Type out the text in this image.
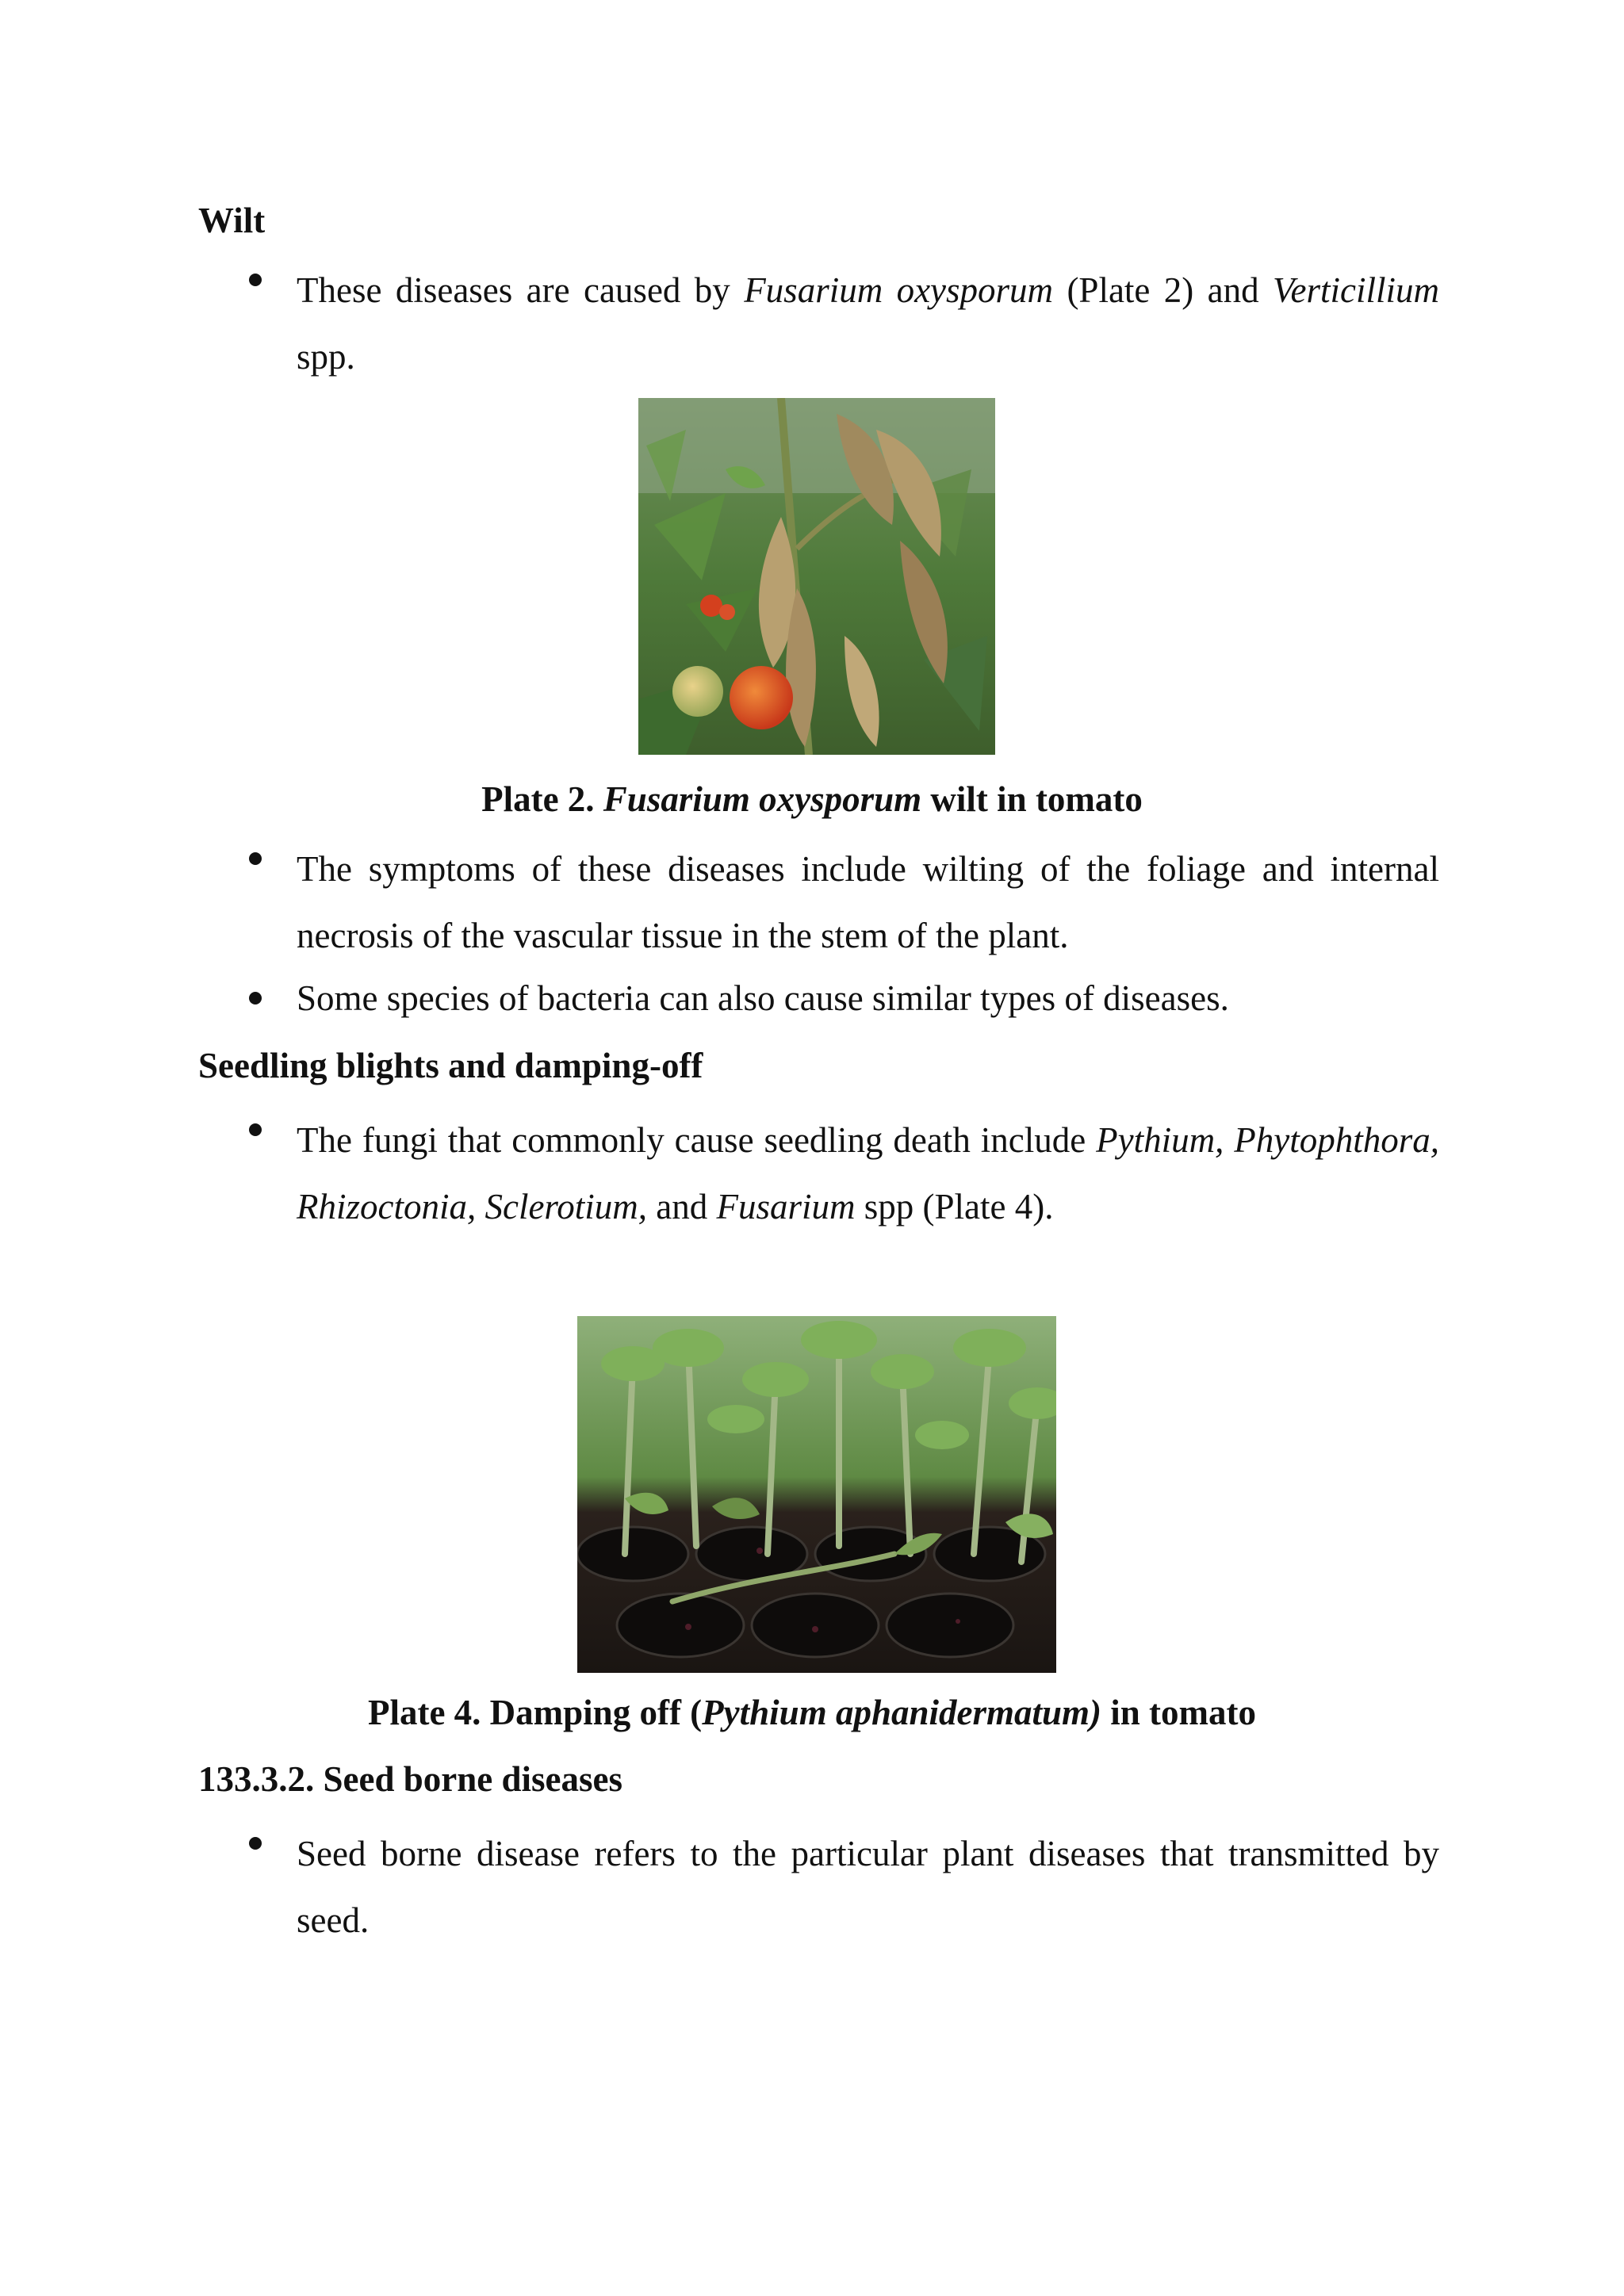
Wilt
These diseases are caused by Fusarium oxysporum (Plate 2) and Verticillium spp.
Plate 2. Fusarium oxysporum wilt in tomato
The symptoms of these diseases include wilting of the foliage and internal necrosis of the vascular tissue in the stem of the plant.
Some species of bacteria can also cause similar types of diseases.
Seedling blights and damping-off
The fungi that commonly cause seedling death include Pythium, Phytophthora, Rhizoctonia, Sclerotium, and Fusarium spp (Plate 4).
Plate 4. Damping off (Pythium aphanidermatum) in tomato
133.3.2. Seed borne diseases
Seed borne disease refers to the particular plant diseases that transmitted by seed.
